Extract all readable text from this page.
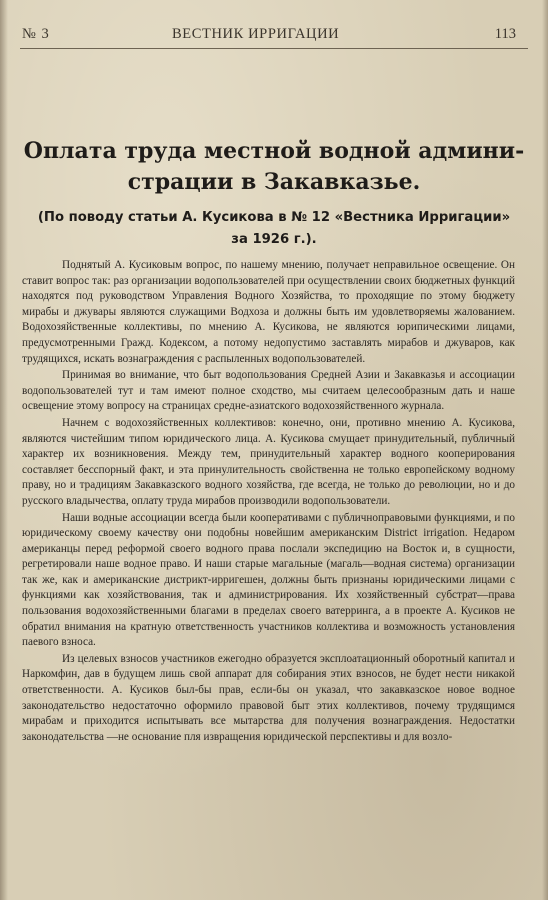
№ 3	ВЕСТНИК ИРРИГАЦИИ	113
Оплата труда местной водной админи-
страции в Закавказье.
(По поводу статьи А. Кусикова в № 12 «Вестника Ирригации»
за 1926 г.).

Поднятый А. Кусиковым вопрос, по нашему мнению, получает неправильное освещение. Он ставит вопрос так: раз организации водопользователей при осуществлении своих бюджетных функций находятся под руководством Управления Водного Хозяйства, то проходящие по этому бюджету мирабы и джувары являются служащими Водхоза и должны быть им удовлетворяемы жалованием. Водохозяйственные коллективы, по мнению А. Кусикова, не являются юрипическими лицами, предусмотренными Гражд. Кодексом, а потому недопустимо заставлять мирабов и джуваров, как трудящихся, искать вознаграждения с распыленных водопользователей.

Принимая во внимание, что быт водопользования Средней Азии и Закавказья и ассоциации водопользователей тут и там имеют полное сходство, мы считаем целесообразным дать и наше освещение этому вопросу на страницах средне-азиатского водохозяйственного журнала.

Начнем с водохозяйственных коллективов: конечно, они, противно мнению А. Кусикова, являются чистейшим типом юридического лица. А. Кусикова смущает принудительный, публичный характер их возникновения. Между тем, принудительный характер водного кооперирования составляет бесспорный факт, и эта принулительность свойственна не только европейскому водному праву, но и традициям Закавказского водного хозяйства, где всегда, не только до революции, но и до русского владычества, оплату труда мирабов производили водопользователи.

Наши водные ассоциации всегда были кооперативами с публичноправовыми функциями, и по юридическому своему качеству они подобны новейшим американским District irrigation. Недаром американцы перед реформой своего водного права послали экспедицию на Восток и, в сущности, регретировали наше водное право. И наши старые магальные (магаль—водная система) организации так же, как и американские дистрикт-ирригешен, должны быть признаны юридическими лицами с функциями как хозяйствования, так и администрирования. Их хозяйственный субстрат—права пользования водохозяйственными благами в пределах своего ватерринга, а в проекте А. Кусиков не обратил внимания на кратную ответственность участников коллектива и возможность установления паевого взноса.

Из целевых взносов участников ежегодно образуется эксплоатационный оборотный капитал и Наркомфин, дав в будущем лишь свой аппарат для собирания этих взносов, не будет нести никакой ответственности. А. Кусиков был-бы прав, если-бы он указал, что закавказское новое водное законодательство недостаточно оформило правовой быт этих коллективов, почему трудящимся мирабам и приходится испытывать все мытарства для получения вознаграждения. Недостатки законодательства —не основание пля извращения юридической перспективы и для возло-
